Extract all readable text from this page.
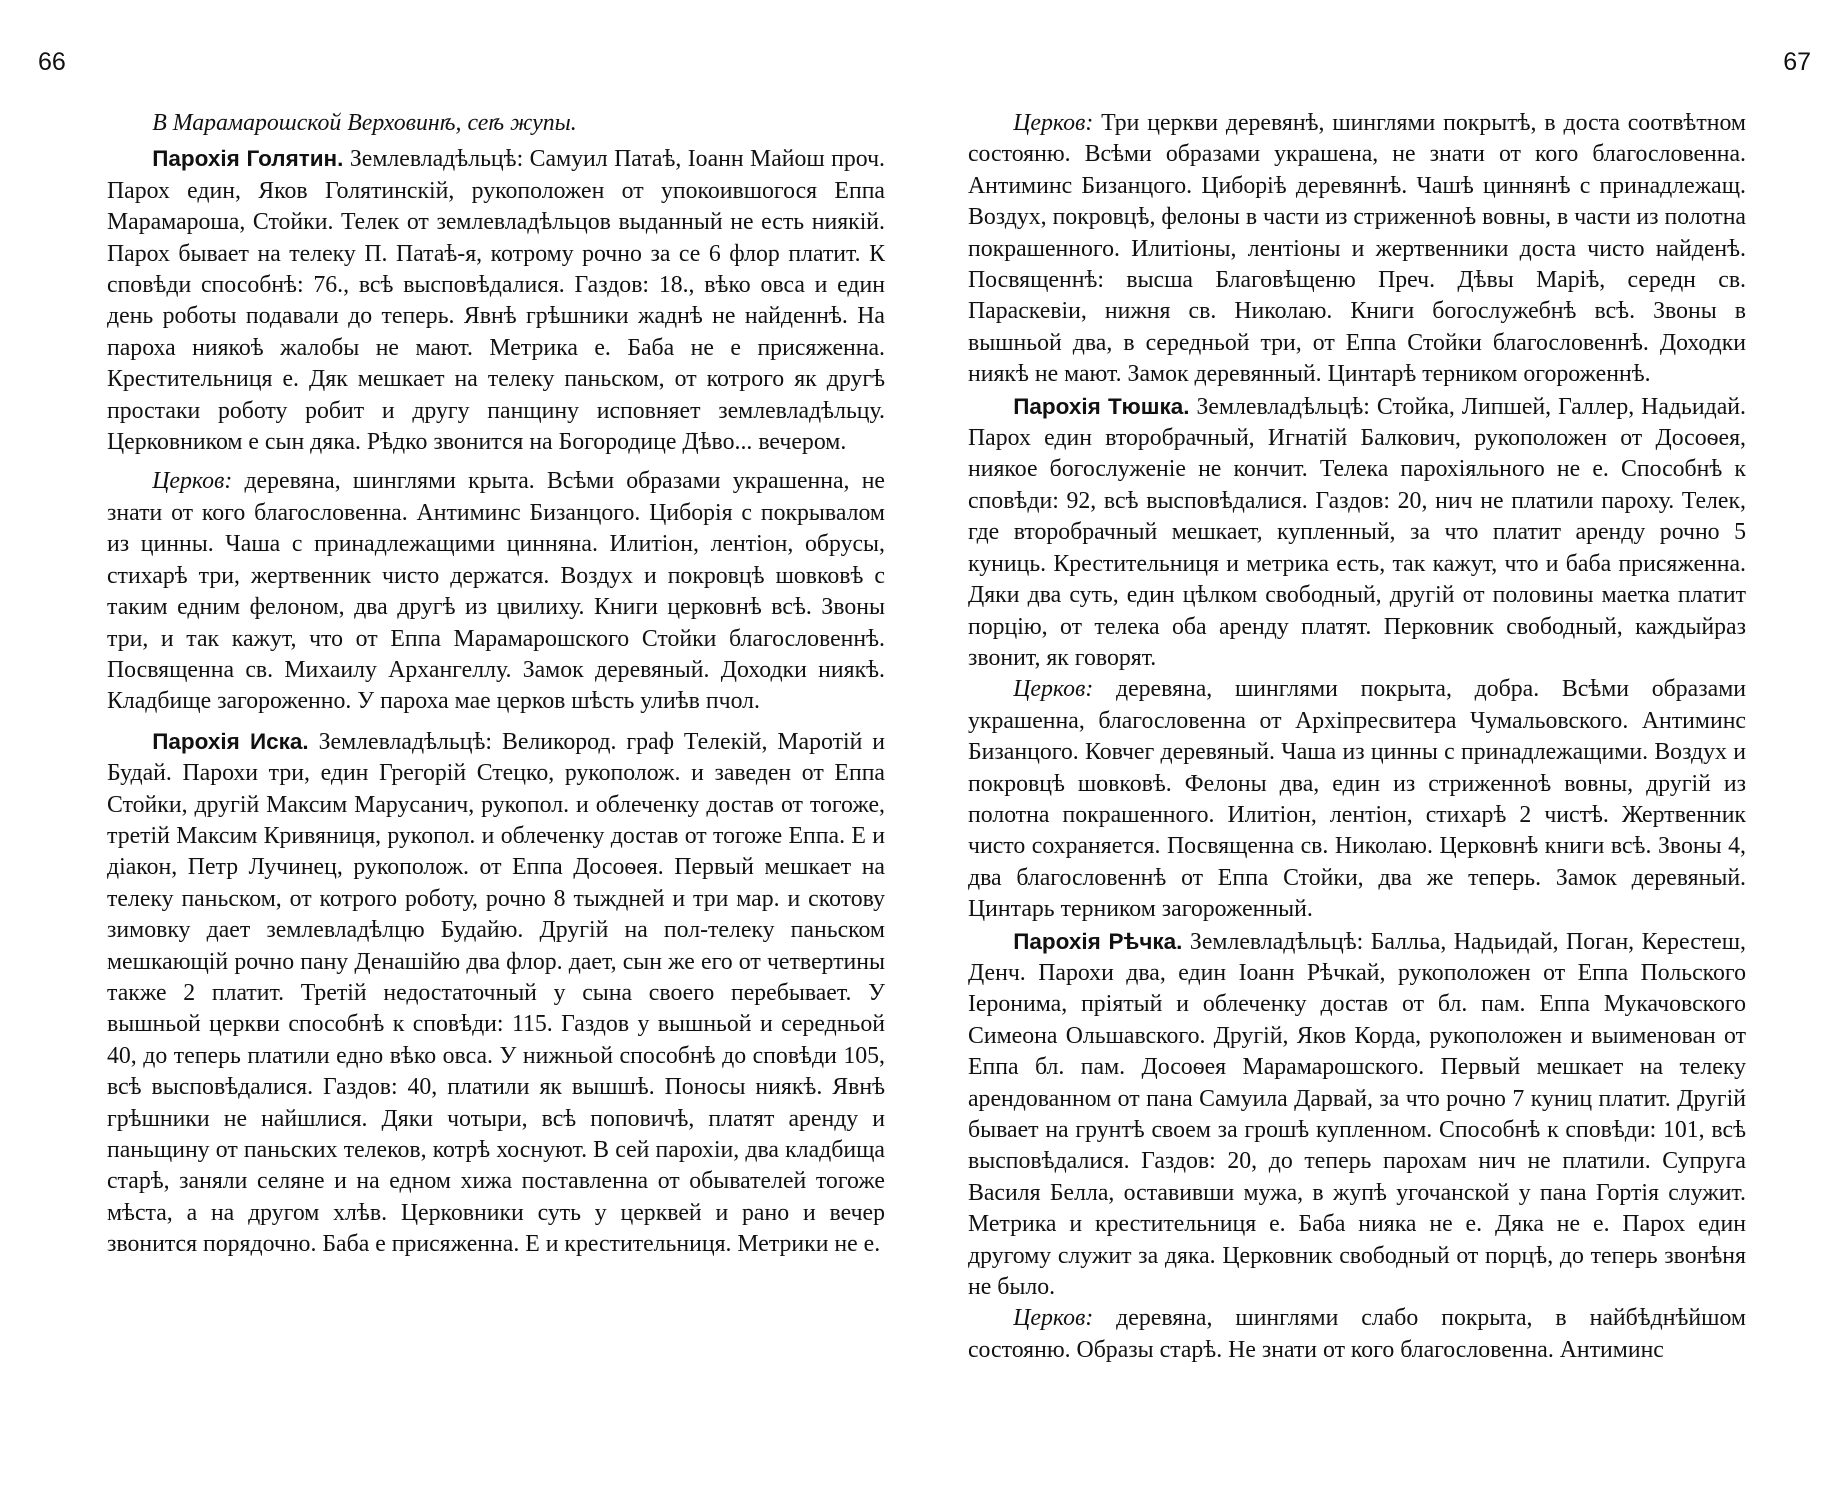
66

В Марамарошской Верховинѣ, сеѣ жупы.

Парохія Голятин. Землевладѣльцѣ: Самуил Патаѣ, Іоанн Майош проч. Парох един, Яков Голятинскій, рукоположен от упокоившогося Еппа Марамароша, Стойки. Телек от землевладѣльцов выданный не есть ниякій. Парох бывает на телеку П. Патаѣ-я, котрому рочно за се 6 флор платит. К сповѣди способнѣ: 76., всѣ высповѣдалися. Газдов: 18., вѣко овса и един день роботы подавали до теперь. Явнѣ грѣшники жаднѣ не найденнѣ. На пароха ниякоѣ жалобы не мают. Метрика е. Баба не е присяженна. Крестительниця е. Дяк мешкает на телеку паньском, от котрого як другѣ простаки роботу робит и другу панщину исповняет землевладѣльцу. Церковником е сын дяка. Рѣдко звонится на Богородице Дѣво... вечером.

Церков: деревяна, шинглями крыта. Всѣми образами украшенна, не знати от кого благословенна. Антиминс Бизанцого. Циборія с покрывалом из цинны. Чаша с принадлежащими цинняна. Илитіон, лентіон, обрусы, стихарѣ три, жертвенник чисто держатся. Воздух и покровцѣ шовковѣ с таким едним фелоном, два другѣ из цвилиху. Книги церковнѣ всѣ. Звоны три, и так кажут, что от Еппа Марамарошского Стойки благословеннѣ. Посвященна св. Михаилу Архангеллу. Замок деревяный. Доходки ниякѣ. Кладбище загороженно. У пароха мае церков шѣсть улиѣв пчол.

Парохія Иска. Землевладѣльцѣ: Великород. граф Телекій, Маротій и Будай. Парохи три, един Грегорій Стецко, рукополож. и заведен от Еппа Стойки, другій Максим Марусанич, рукопол. и облеченку достав от тогоже, третій Максим Кривяниця, рукопол. и облеченку достав от тогоже Еппа. Е и діакон, Петр Лучинец, рукополож. от Еппа Досоѳея. Первый мешкает на телеку паньском, от котрого роботу, рочно 8 тыждней и три мар. и скотову зимовку дает землевладѣлцю Будайю. Другій на пол-телеку паньском мешкающій рочно пану Денашійю два флор. дает, сын же его от четвертины также 2 платит. Третій недостаточный у сына своего перебывает. У вышньой церкви способнѣ к сповѣди: 115. Газдов у вышньой и середньой 40, до теперь платили едно вѣко овса. У нижньой способнѣ до сповѣди 105, всѣ высповѣдалися. Газдов: 40, платили як вышшѣ. Поносы ниякѣ. Явнѣ грѣшники не найшлися. Дяки чотыри, всѣ поповичѣ, платят аренду и паньщину от паньских телеков, котрѣ хоснуют. В сей парохіи, два кладбища старѣ, заняли селяне и на едном хижа поставленна от обывателей тогоже мѣста, а на другом хлѣв. Церковники суть у церквей и рано и вечер звонится порядочно. Баба е присяженна. Е и крестительниця. Метрики не е.

67

Церков: Три церкви деревянѣ, шинглями покрытѣ, в доста соотвѣтном состояню. Всѣми образами украшена, не знати от кого благословенна. Антиминс Бизанцого. Циборіѣ деревяннѣ. Чашѣ циннянѣ с принадлежащ. Воздух, покровцѣ, фелоны в части из стриженноѣ вовны, в части из полотна покрашенного. Илитіоны, лентіоны и жертвенники доста чисто найденѣ. Посвященнѣ: высша Благовѣщеню Преч. Дѣвы Маріѣ, середн св. Параскевіи, нижня св. Николаю. Книги богослужебнѣ всѣ. Звоны в вышньой два, в середньой три, от Еппа Стойки благословеннѣ. Доходки ниякѣ не мают. Замок деревянный. Цинтарѣ терником огороженнѣ.

Парохія Тюшка. Землевладѣльцѣ: Стойка, Липшей, Галлер, Надьидай. Парох един второбрачный, Игнатій Балкович, рукоположен от Досоѳея, ниякое богослуженіе не кончит. Телека парохіяльного не е. Способнѣ к сповѣди: 92, всѣ высповѣдалися. Газдов: 20, нич не платили пароху. Телек, где второбрачный мешкает, купленный, за что платит аренду рочно 5 куниць. Крестительниця и метрика есть, так кажут, что и баба присяженна. Дяки два суть, един цѣлком свободный, другій от половины маетка платит порцію, от телека оба аренду платят. Перковник свободный, каждыйраз звонит, як говорят.

Церков: деревяна, шинглями покрыта, добра. Всѣми образами украшенна, благословенна от Архіпресвитера Чумальовского. Антиминс Бизанцого. Ковчег деревяный. Чаша из цинны с принадлежащими. Воздух и покровцѣ шовковѣ. Фелоны два, един из стриженноѣ вовны, другій из полотна покрашенного. Илитіон, лентіон, стихарѣ 2 чистѣ. Жертвенник чисто сохраняется. Посвященна св. Николаю. Церковнѣ книги всѣ. Звоны 4, два благословеннѣ от Еппа Стойки, два же теперь. Замок деревяный. Цинтарь терником загороженный.

Парохія Рѣчка. Землевладѣльцѣ: Балльа, Надьидай, Поган, Керестеш, Денч. Парохи два, един Іоанн Рѣчкай, рукоположен от Еппа Польского Іеронима, пріятый и облеченку достав от бл. пам. Еппа Мукачовского Симеона Ольшавского. Другій, Яков Корда, рукоположен и выименован от Еппа бл. пам. Досоѳея Марамарошского. Первый мешкает на телеку арендованном от пана Самуила Дарвай, за что рочно 7 куниц платит. Другій бывает на грунтѣ своем за грошѣ купленном. Способнѣ к сповѣди: 101, всѣ высповѣдалися. Газдов: 20, до теперь парохам нич не платили. Супруга Василя Белла, оставивши мужа, в жупѣ угочанской у пана Гортія служит. Метрика и крестительниця е. Баба нияка не е. Дяка не е. Парох един другому служит за дяка. Церковник свободный от порцѣ, до теперь звонѣня не было.

Церков: деревяна, шинглями слабо покрыта, в найбѣднѣйшом состояню. Образы старѣ. Не знати от кого благословенна. Антиминс
